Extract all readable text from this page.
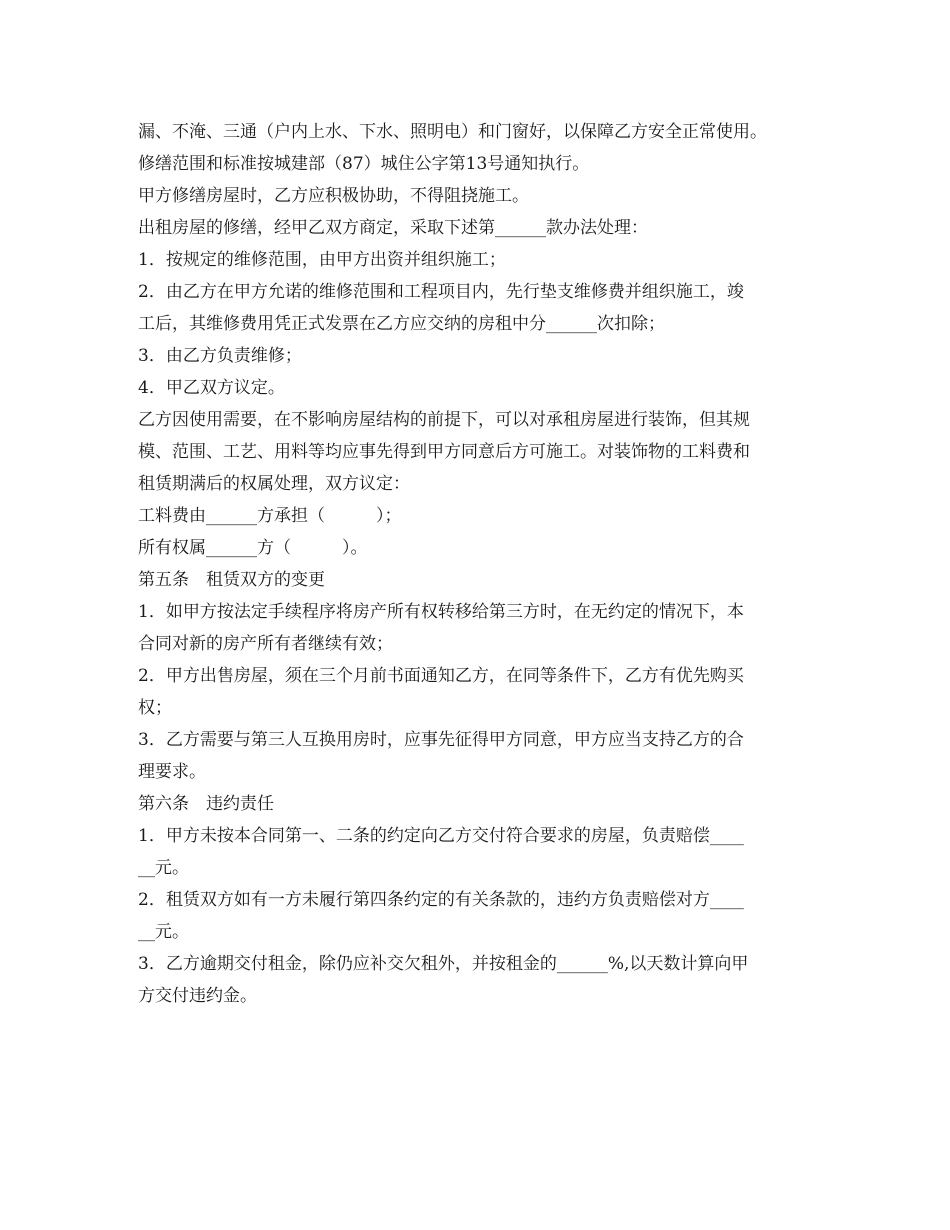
漏、不淹、三通（户内上水、下水、照明电）和门窗好，以保障乙方安全正常使用。
修缮范围和标准按城建部（87）城住公字第13号通知执行。
甲方修缮房屋时，乙方应积极协助，不得阻挠施工。
出租房屋的修缮，经甲乙双方商定，采取下述第______款办法处理：
1．按规定的维修范围，由甲方出资并组织施工；
2．由乙方在甲方允诺的维修范围和工程项目内，先行垫支维修费并组织施工，竣
工后，其维修费用凭正式发票在乙方应交纳的房租中分______次扣除；
3．由乙方负责维修；
4．甲乙双方议定。
乙方因使用需要，在不影响房屋结构的前提下，可以对承租房屋进行装饰，但其规
模、范围、工艺、用料等均应事先得到甲方同意后方可施工。对装饰物的工料费和
租赁期满后的权属处理，双方议定：
工料费由______方承担（　　　）；
所有权属______方（　　　）。
第五条　租赁双方的变更
1．如甲方按法定手续程序将房产所有权转移给第三方时，在无约定的情况下，本
合同对新的房产所有者继续有效；
2．甲方出售房屋，须在三个月前书面通知乙方，在同等条件下，乙方有优先购买
权；
3．乙方需要与第三人互换用房时，应事先征得甲方同意，甲方应当支持乙方的合
理要求。
第六条　违约责任
1．甲方未按本合同第一、二条的约定向乙方交付符合要求的房屋，负责赔偿____
__元。
2．租赁双方如有一方未履行第四条约定的有关条款的，违约方负责赔偿对方____
__元。
3．乙方逾期交付租金，除仍应补交欠租外，并按租金的______%,以天数计算向甲
方交付违约金。
